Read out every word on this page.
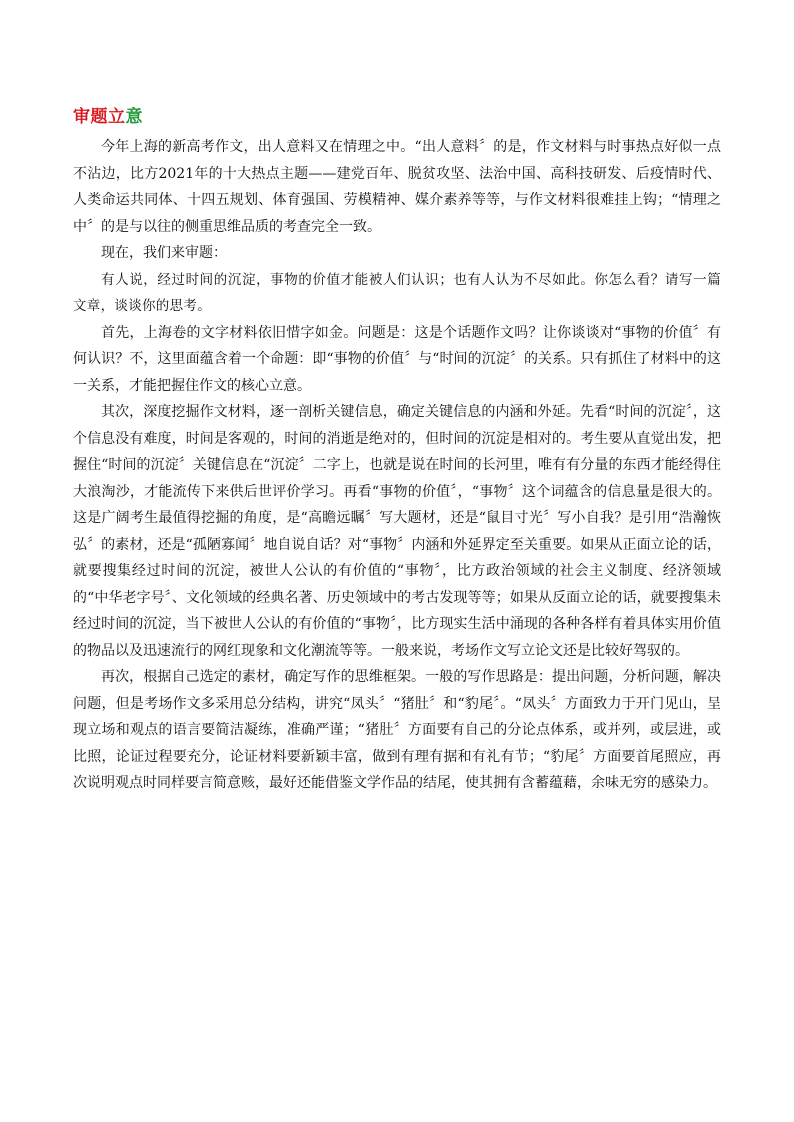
审题立意

今年上海的新高考作文，出人意料又在情理之中。“出人意料〞的是，作文材料与时事热点好似一点不沾边，比方2021年的十大热点主题——建党百年、脱贫攻坚、法治中国、高科技研发、后疫情时代、人类命运共同体、十四五规划、体育强国、劳模精神、媒介素养等等，与作文材料很难挂上钩；“情理之中〞的是与以往的侧重思维品质的考查完全一致。

现在，我们来审题：

有人说，经过时间的沉淀，事物的价值才能被人们认识；也有人认为不尽如此。你怎么看？请写一篇文章，谈谈你的思考。

首先，上海卷的文字材料依旧惜字如金。问题是：这是个话题作文吗？让你谈谈对“事物的价值〞有何认识？不，这里面蕴含着一个命题：即“事物的价值〞与“时间的沉淀〞的关系。只有抓住了材料中的这一关系，才能把握住作文的核心立意。

其次，深度挖掘作文材料，逐一剖析关键信息，确定关键信息的内涵和外延。先看“时间的沉淀〞，这个信息没有难度，时间是客观的，时间的消逝是绝对的，但时间的沉淀是相对的。考生要从直觉出发，把握住“时间的沉淀〞关键信息在“沉淀〞二字上，也就是说在时间的长河里，唯有有分量的东西才能经得住大浪淘沙，才能流传下来供后世评价学习。再看“事物的价值〞，“事物〞这个词蕴含的信息量是很大的。这是广阔考生最值得挖掘的角度，是“高瞻远瞩〞写大题材，还是“鼠目寸光〞写小自我？是引用“浩瀚恢弘〞的素材，还是“孤陋寡闻〞地自说自话？对“事物〞内涵和外延界定至关重要。如果从正面立论的话，就要搜集经过时间的沉淀，被世人公认的有价值的“事物〞，比方政治领域的社会主义制度、经济领域的“中华老字号〞、文化领域的经典名著、历史领域中的考古发现等等；如果从反面立论的话，就要搜集未经过时间的沉淀，当下被世人公认的有价值的“事物〞，比方现实生活中涌现的各种各样有着具体实用价值的物品以及迅速流行的网红现象和文化潮流等等。一般来说，考场作文写立论文还是比较好驾驭的。

再次，根据自己选定的素材，确定写作的思维框架。一般的写作思路是：提出问题，分析问题，解决问题，但是考场作文多采用总分结构，讲究“凤头〞“猪肚〞和“豹尾〞。“凤头〞方面致力于开门见山，呈现立场和观点的语言要简洁凝练，准确严谨；“猪肚〞方面要有自己的分论点体系，或并列，或层进，或比照，论证过程要充分，论证材料要新颖丰富，做到有理有据和有礼有节；“豹尾〞方面要首尾照应，再次说明观点时同样要言简意赅，最好还能借鉴文学作品的结尾，使其拥有含蓄蕴藉，余味无穷的感染力。
